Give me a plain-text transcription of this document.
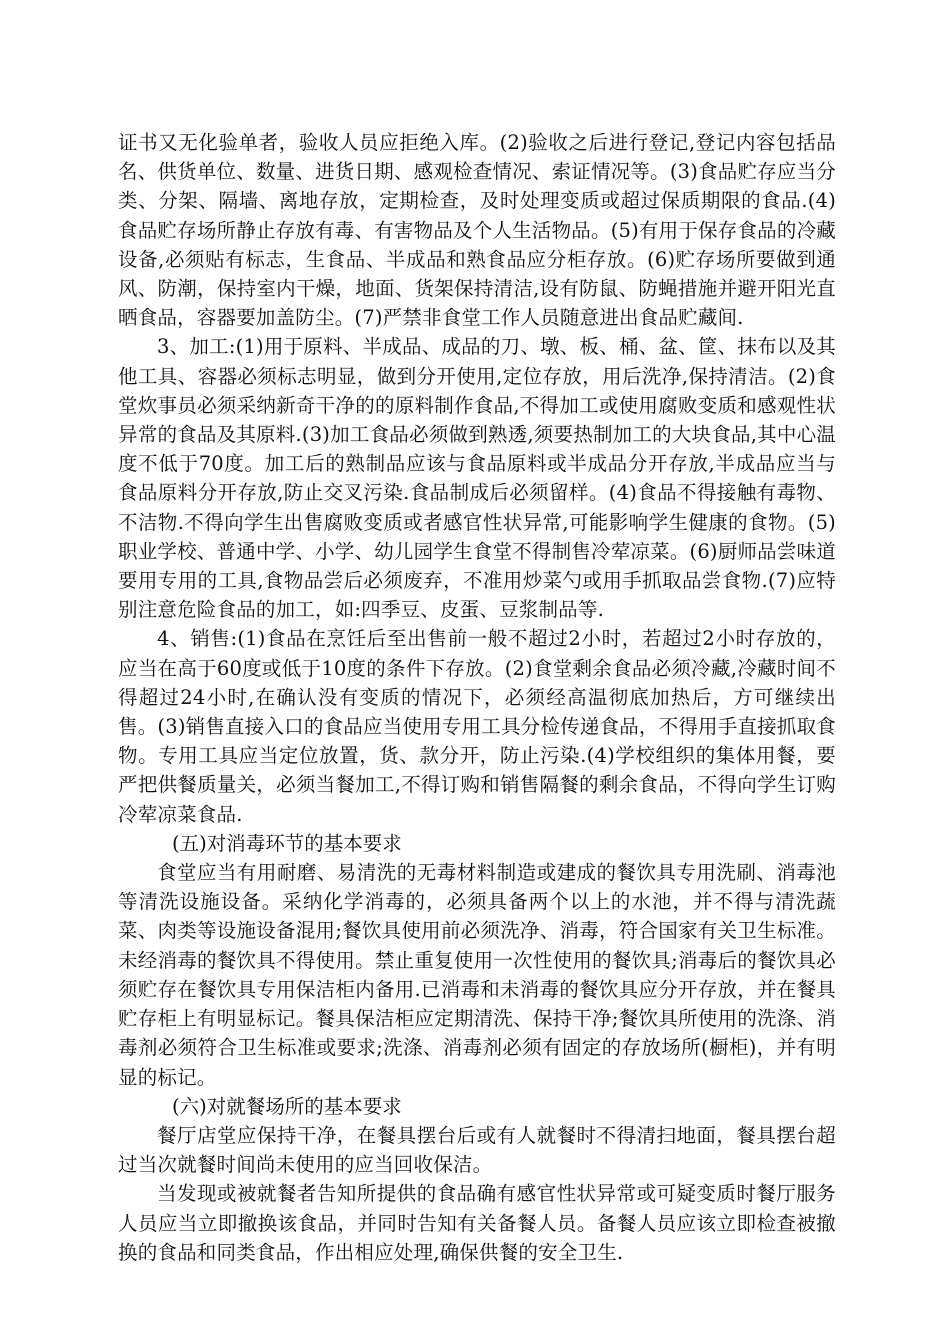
证书又无化验单者，验收人员应拒绝入库。(2)验收之后进行登记,登记内容包括品名、供货单位、数量、进货日期、感观检查情况、索证情况等。(3)食品贮存应当分类、分架、隔墙、离地存放，定期检查，及时处理变质或超过保质期限的食品.(4)食品贮存场所静止存放有毒、有害物品及个人生活物品。(5)有用于保存食品的冷藏设备,必须贴有标志，生食品、半成品和熟食品应分柜存放。(6)贮存场所要做到通风、防潮，保持室内干燥，地面、货架保持清洁,设有防鼠、防蝇措施并避开阳光直晒食品，容器要加盖防尘。(7)严禁非食堂工作人员随意进出食品贮藏间.

3、加工:(1)用于原料、半成品、成品的刀、墩、板、桶、盆、筐、抹布以及其他工具、容器必须标志明显，做到分开使用,定位存放，用后洗净,保持清洁。(2)食堂炊事员必须采纳新奇干净的的原料制作食品,不得加工或使用腐败变质和感观性状异常的食品及其原料.(3)加工食品必须做到熟透,须要热制加工的大块食品,其中心温度不低于70度。加工后的熟制品应该与食品原料或半成品分开存放,半成品应当与食品原料分开存放,防止交叉污染.食品制成后必须留样。(4)食品不得接触有毒物、不洁物.不得向学生出售腐败变质或者感官性状异常,可能影响学生健康的食物。(5)职业学校、普通中学、小学、幼儿园学生食堂不得制售冷荤凉菜。(6)厨师品尝味道要用专用的工具,食物品尝后必须废弃，不准用炒菜勺或用手抓取品尝食物.(7)应特别注意危险食品的加工，如:四季豆、皮蛋、豆浆制品等.

4、销售:(1)食品在烹饪后至出售前一般不超过2小时，若超过2小时存放的，应当在高于60度或低于10度的条件下存放。(2)食堂剩余食品必须冷藏,冷藏时间不得超过24小时,在确认没有变质的情况下，必须经高温彻底加热后，方可继续出售。(3)销售直接入口的食品应当使用专用工具分检传递食品，不得用手直接抓取食物。专用工具应当定位放置，货、款分开，防止污染.(4)学校组织的集体用餐，要严把供餐质量关，必须当餐加工,不得订购和销售隔餐的剩余食品，不得向学生订购冷荤凉菜食品.

(五)对消毒环节的基本要求

食堂应当有用耐磨、易清洗的无毒材料制造或建成的餐饮具专用洗刷、消毒池等清洗设施设备。采纳化学消毒的，必须具备两个以上的水池，并不得与清洗蔬菜、肉类等设施设备混用;餐饮具使用前必须洗净、消毒，符合国家有关卫生标准。未经消毒的餐饮具不得使用。禁止重复使用一次性使用的餐饮具;消毒后的餐饮具必须贮存在餐饮具专用保洁柜内备用.已消毒和未消毒的餐饮具应分开存放，并在餐具贮存柜上有明显标记。餐具保洁柜应定期清洗、保持干净;餐饮具所使用的洗涤、消毒剂必须符合卫生标准或要求;洗涤、消毒剂必须有固定的存放场所(橱柜)，并有明显的标记。

(六)对就餐场所的基本要求

餐厅店堂应保持干净，在餐具摆台后或有人就餐时不得清扫地面，餐具摆台超过当次就餐时间尚未使用的应当回收保洁。

当发现或被就餐者告知所提供的食品确有感官性状异常或可疑变质时餐厅服务人员应当立即撤换该食品，并同时告知有关备餐人员。备餐人员应该立即检查被撤换的食品和同类食品，作出相应处理,确保供餐的安全卫生.
